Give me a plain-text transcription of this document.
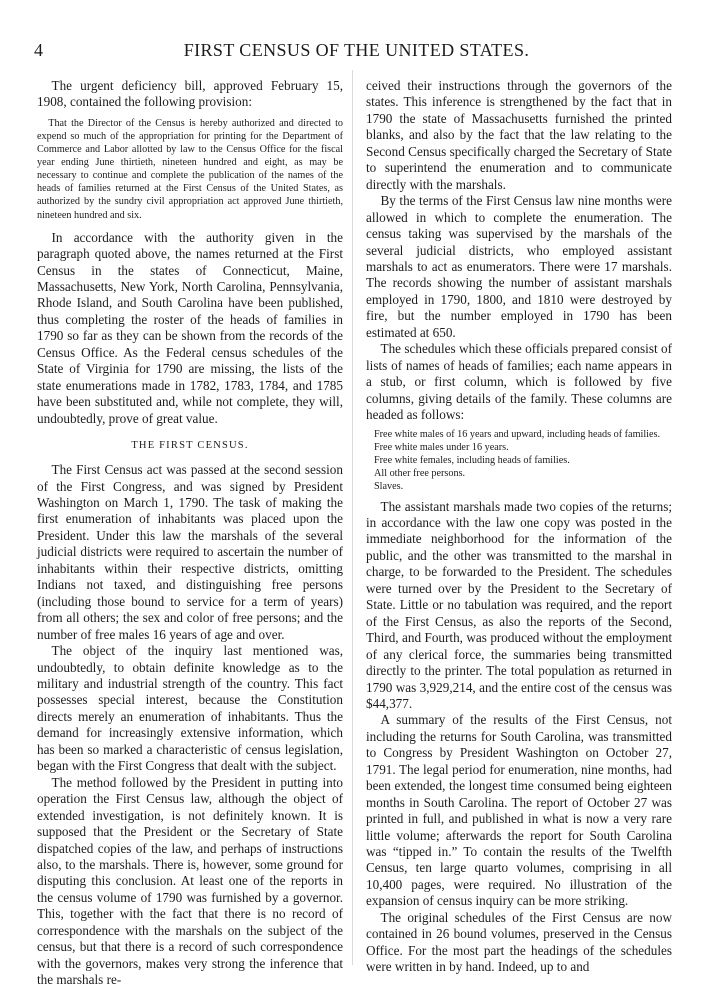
4	FIRST CENSUS OF THE UNITED STATES.

The urgent deficiency bill, approved February 15, 1908, contained the following provision:

That the Director of the Census is hereby authorized and directed to expend so much of the appropriation for printing for the Department of Commerce and Labor allotted by law to the Census Office for the fiscal year ending June thirtieth, nineteen hundred and eight, as may be necessary to continue and complete the publication of the names of the heads of families returned at the First Census of the United States, as authorized by the sundry civil appropriation act approved June thirtieth, nineteen hundred and six.

In accordance with the authority given in the paragraph quoted above, the names returned at the First Census in the states of Connecticut, Maine, Massachusetts, New York, North Carolina, Pennsylvania, Rhode Island, and South Carolina have been published, thus completing the roster of the heads of families in 1790 so far as they can be shown from the records of the Census Office. As the Federal census schedules of the State of Virginia for 1790 are missing, the lists of the state enumerations made in 1782, 1783, 1784, and 1785 have been substituted and, while not complete, they will, undoubtedly, prove of great value.

THE FIRST CENSUS.

The First Census act was passed at the second session of the First Congress, and was signed by President Washington on March 1, 1790. The task of making the first enumeration of inhabitants was placed upon the President. Under this law the marshals of the several judicial districts were required to ascertain the number of inhabitants within their respective districts, omitting Indians not taxed, and distinguishing free persons (including those bound to service for a term of years) from all others; the sex and color of free persons; and the number of free males 16 years of age and over.

The object of the inquiry last mentioned was, undoubtedly, to obtain definite knowledge as to the military and industrial strength of the country. This fact possesses special interest, because the Constitution directs merely an enumeration of inhabitants. Thus the demand for increasingly extensive information, which has been so marked a characteristic of census legislation, began with the First Congress that dealt with the subject.

The method followed by the President in putting into operation the First Census law, although the object of extended investigation, is not definitely known. It is supposed that the President or the Secretary of State dispatched copies of the law, and perhaps of instructions also, to the marshals. There is, however, some ground for disputing this conclusion. At least one of the reports in the census volume of 1790 was furnished by a governor. This, together with the fact that there is no record of correspondence with the marshals on the subject of the census, but that there is a record of such correspondence with the governors, makes very strong the inference that the marshals re-

ceived their instructions through the governors of the states. This inference is strengthened by the fact that in 1790 the state of Massachusetts furnished the printed blanks, and also by the fact that the law relating to the Second Census specifically charged the Secretary of State to superintend the enumeration and to communicate directly with the marshals.

By the terms of the First Census law nine months were allowed in which to complete the enumeration. The census taking was supervised by the marshals of the several judicial districts, who employed assistant marshals to act as enumerators. There were 17 marshals. The records showing the number of assistant marshals employed in 1790, 1800, and 1810 were destroyed by fire, but the number employed in 1790 has been estimated at 650.

The schedules which these officials prepared consist of lists of names of heads of families; each name appears in a stub, or first column, which is followed by five columns, giving details of the family. These columns are headed as follows:

Free white males of 16 years and upward, including heads of families.
Free white males under 16 years.
Free white females, including heads of families.
All other free persons.
Slaves.

The assistant marshals made two copies of the returns; in accordance with the law one copy was posted in the immediate neighborhood for the information of the public, and the other was transmitted to the marshal in charge, to be forwarded to the President. The schedules were turned over by the President to the Secretary of State. Little or no tabulation was required, and the report of the First Census, as also the reports of the Second, Third, and Fourth, was produced without the employment of any clerical force, the summaries being transmitted directly to the printer. The total population as returned in 1790 was 3,929,214, and the entire cost of the census was $44,377.

A summary of the results of the First Census, not including the returns for South Carolina, was transmitted to Congress by President Washington on October 27, 1791. The legal period for enumeration, nine months, had been extended, the longest time consumed being eighteen months in South Carolina. The report of October 27 was printed in full, and published in what is now a very rare little volume; afterwards the report for South Carolina was “tipped in.” To contain the results of the Twelfth Census, ten large quarto volumes, comprising in all 10,400 pages, were required. No illustration of the expansion of census inquiry can be more striking.

The original schedules of the First Census are now contained in 26 bound volumes, preserved in the Census Office. For the most part the headings of the schedules were written in by hand. Indeed, up to and
